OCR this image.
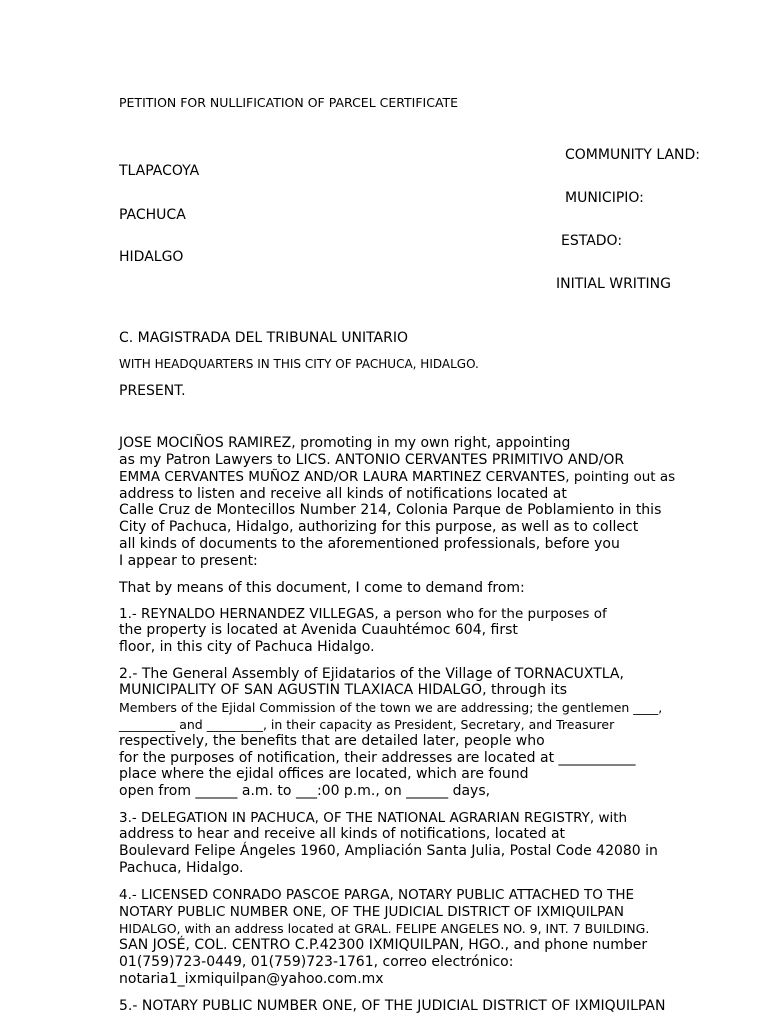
PETITION FOR NULLIFICATION OF PARCEL CERTIFICATE
COMMUNITY LAND:
TLAPACOYA
MUNICIPIO:
PACHUCA
ESTADO:
HIDALGO
INITIAL WRITING
C. MAGISTRADA DEL TRIBUNAL UNITARIO
WITH HEADQUARTERS IN THIS CITY OF PACHUCA, HIDALGO.
PRESENT.
JOSE MOCIÑOS RAMIREZ, promoting in my own right, appointing
as my Patron Lawyers to LICS. ANTONIO CERVANTES PRIMITIVO AND/OR
EMMA CERVANTES MUÑOZ AND/OR LAURA MARTINEZ CERVANTES, pointing out as
address to listen and receive all kinds of notifications located at
Calle Cruz de Montecillos Number 214, Colonia Parque de Poblamiento in this
City of Pachuca, Hidalgo, authorizing for this purpose, as well as to collect
all kinds of documents to the aforementioned professionals, before you
I appear to present:
That by means of this document, I come to demand from:
1.- REYNALDO HERNANDEZ VILLEGAS, a person who for the purposes of
the property is located at Avenida Cuauhtémoc 604, first
floor, in this city of Pachuca Hidalgo.
2.- The General Assembly of Ejidatarios of the Village of TORNACUXTLA,
MUNICIPALITY OF SAN AGUSTIN TLAXIACA HIDALGO, through its
Members of the Ejidal Commission of the town we are addressing; the gentlemen ____,
_________ and _________, in their capacity as President, Secretary, and Treasurer
respectively, the benefits that are detailed later, people who
for the purposes of notification, their addresses are located at ___________
place where the ejidal offices are located, which are found
open from ______ a.m. to ___:00 p.m., on ______ days,
3.- DELEGATION IN PACHUCA, OF THE NATIONAL AGRARIAN REGISTRY, with
address to hear and receive all kinds of notifications, located at
Boulevard Felipe Ángeles 1960, Ampliación Santa Julia, Postal Code 42080 in
Pachuca, Hidalgo.
4.- LICENSED CONRADO PASCOE PARGA, NOTARY PUBLIC ATTACHED TO THE
NOTARY PUBLIC NUMBER ONE, OF THE JUDICIAL DISTRICT OF IXMIQUILPAN
HIDALGO, with an address located at GRAL. FELIPE ANGELES NO. 9, INT. 7 BUILDING.
SAN JOSÉ, COL. CENTRO C.P.42300 IXMIQUILPAN, HGO., and phone number
01(759)723-0449, 01(759)723-1761, correo electrónico:
notaria1_ixmiquilpan@yahoo.com.mx
5.- NOTARY PUBLIC NUMBER ONE, OF THE JUDICIAL DISTRICT OF IXMIQUILPAN
